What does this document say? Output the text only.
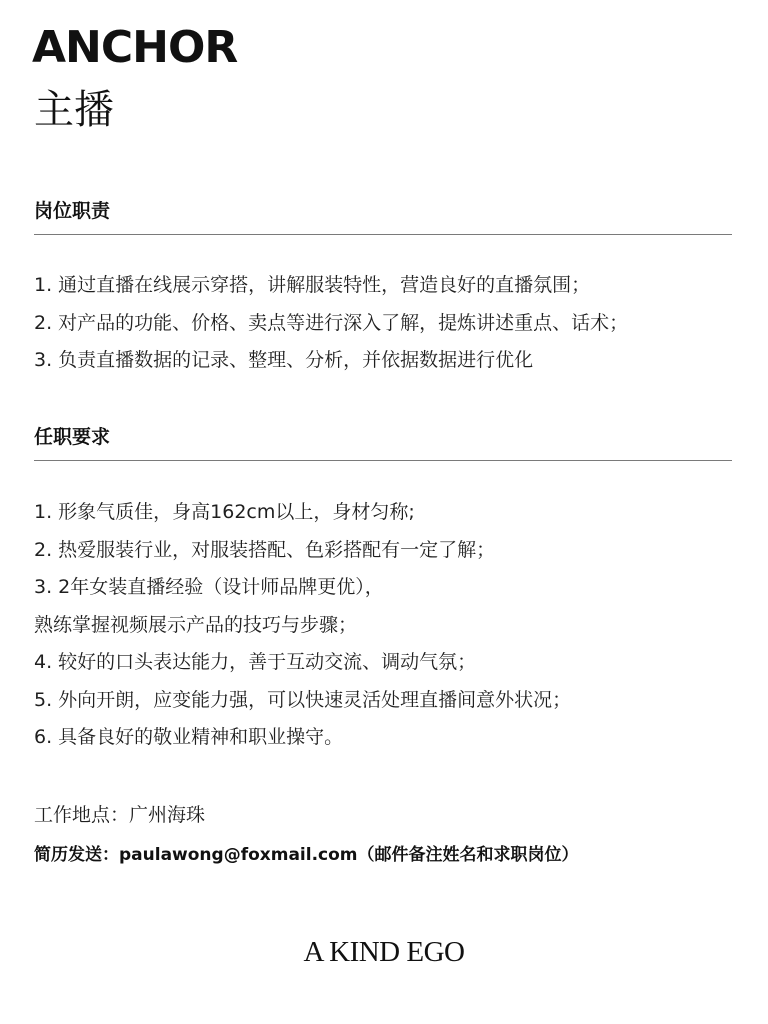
ANCHOR
主播
岗位职责
1. 通过直播在线展示穿搭，讲解服装特性，营造良好的直播氛围；
2. 对产品的功能、价格、卖点等进行深入了解，提炼讲述重点、话术；
3. 负责直播数据的记录、整理、分析，并依据数据进行优化
任职要求
1. 形象气质佳，身高162cm以上，身材匀称;
2. 热爱服装行业，对服装搭配、色彩搭配有一定了解；
3. 2年女装直播经验（设计师品牌更优），
熟练掌握视频展示产品的技巧与步骤；
4. 较好的口头表达能力，善于互动交流、调动气氛；
5. 外向开朗，应变能力强，可以快速灵活处理直播间意外状况；
6. 具备良好的敬业精神和职业操守。
工作地点：广州海珠
简历发送：paulawong@foxmail.com（邮件备注姓名和求职岗位）
A KIND EGO
